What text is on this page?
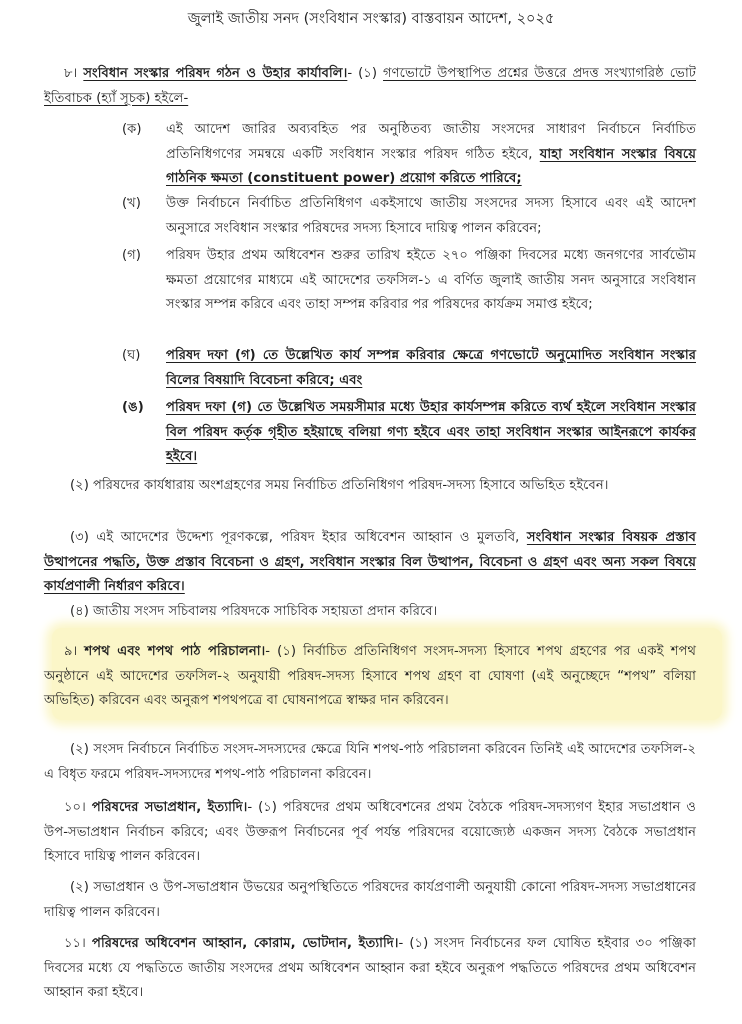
জুলাই জাতীয় সনদ (সংবিধান সংস্কার) বাস্তবায়ন আদেশ, ২০২৫
৮। সংবিধান সংস্কার পরিষদ গঠন ও উহার কার্যাবলি।- (১) গণভোটে উপস্থাপিত প্রশ্নের উত্তরে প্রদত্ত সংখ্যাগরিষ্ঠ ভোট ইতিবাচক (হ্যাঁ সূচক) হইলে-
(ক) এই আদেশ জারির অব্যবহিত পর অনুষ্ঠিতব্য জাতীয় সংসদের সাধারণ নির্বাচনে নির্বাচিত প্রতিনিধিগণের সমন্বয়ে একটি সংবিধান সংস্কার পরিষদ গঠিত হইবে, যাহা সংবিধান সংস্কার বিষয়ে গাঠনিক ক্ষমতা (constituent power) প্রয়োগ করিতে পারিবে;
(খ) উক্ত নির্বাচনে নির্বাচিত প্রতিনিধিগণ একইসাথে জাতীয় সংসদের সদস্য হিসাবে এবং এই আদেশ অনুসারে সংবিধান সংস্কার পরিষদের সদস্য হিসাবে দায়িত্ব পালন করিবেন;
(গ) পরিষদ উহার প্রথম অধিবেশন শুরুর তারিখ হইতে ২৭০ পঞ্জিকা দিবসের মধ্যে জনগণের সার্বভৌম ক্ষমতা প্রয়োগের মাধ্যমে এই আদেশের তফসিল-১ এ বর্ণিত জুলাই জাতীয় সনদ অনুসারে সংবিধান সংস্কার সম্পন্ন করিবে এবং তাহা সম্পন্ন করিবার পর পরিষদের কার্যক্রম সমাপ্ত হইবে;
(ঘ) পরিষদ দফা (গ) তে উল্লেখিত কার্য সম্পন্ন করিবার ক্ষেত্রে গণভোটে অনুমোদিত সংবিধান সংস্কার বিলের বিষয়াদি বিবেচনা করিবে; এবং
(ঙ) পরিষদ দফা (গ) তে উল্লেখিত সময়সীমার মধ্যে উহার কার্যসম্পন্ন করিতে ব্যর্থ হইলে সংবিধান সংস্কার বিল পরিষদ কর্তৃক গৃহীত হইয়াছে বলিয়া গণ্য হইবে এবং তাহা সংবিধান সংস্কার আইনরূপে কার্যকর হইবে।
(২) পরিষদের কার্যধারায় অংশগ্রহণের সময় নির্বাচিত প্রতিনিধিগণ পরিষদ-সদস্য হিসাবে অভিহিত হইবেন।
(৩) এই আদেশের উদ্দেশ্য পূরণকল্পে, পরিষদ ইহার অধিবেশন আহ্বান ও মুলতবি, সংবিধান সংস্কার বিষয়ক প্রস্তাব উত্থাপনের পদ্ধতি, উক্ত প্রস্তাব বিবেচনা ও গ্রহণ, সংবিধান সংস্কার বিল উত্থাপন, বিবেচনা ও গ্রহণ এবং অন্য সকল বিষয়ে কার্যপ্রণালী নির্ধারণ করিবে।
(৪) জাতীয় সংসদ সচিবালয় পরিষদকে সাচিবিক সহায়তা প্রদান করিবে।
৯। শপথ এবং শপথ পাঠ পরিচালনা।- (১) নির্বাচিত প্রতিনিধিগণ সংসদ-সদস্য হিসাবে শপথ গ্রহণের পর একই শপথ অনুষ্ঠানে এই আদেশের তফসিল-২ অনুযায়ী পরিষদ-সদস্য হিসাবে শপথ গ্রহণ বা ঘোষণা (এই অনুচ্ছেদে “শপথ” বলিয়া অভিহিত) করিবেন এবং অনুরূপ শপথপত্রে বা ঘোষনাপত্রে স্বাক্ষর দান করিবেন।
(২) সংসদ নির্বাচনে নির্বাচিত সংসদ-সদস্যদের ক্ষেত্রে যিনি শপথ-পাঠ পরিচালনা করিবেন তিনিই এই আদেশের তফসিল-২ এ বিধৃত ফরমে পরিষদ-সদস্যদের শপথ-পাঠ পরিচালনা করিবেন।
১০। পরিষদের সভাপ্রধান, ইত্যাদি।- (১) পরিষদের প্রথম অধিবেশনের প্রথম বৈঠকে পরিষদ-সদস্যগণ ইহার সভাপ্রধান ও উপ-সভাপ্রধান নির্বাচন করিবে; এবং উক্তরূপ নির্বাচনের পূর্ব পর্যন্ত পরিষদের বয়োজ্যেষ্ঠ একজন সদস্য বৈঠকে সভাপ্রধান হিসাবে দায়িত্ব পালন করিবেন।
(২) সভাপ্রধান ও উপ-সভাপ্রধান উভয়ের অনুপস্থিতিতে পরিষদের কার্যপ্রণালী অনুযায়ী কোনো পরিষদ-সদস্য সভাপ্রধানের দায়িত্ব পালন করিবেন।
১১। পরিষদের অধিবেশন আহ্বান, কোরাম, ভোটদান, ইত্যাদি।- (১) সংসদ নির্বাচনের ফল ঘোষিত হইবার ৩০ পঞ্জিকা দিবসের মধ্যে যে পদ্ধতিতে জাতীয় সংসদের প্রথম অধিবেশন আহ্বান করা হইবে অনুরূপ পদ্ধতিতে পরিষদের প্রথম অধিবেশন আহ্বান করা হইবে।
